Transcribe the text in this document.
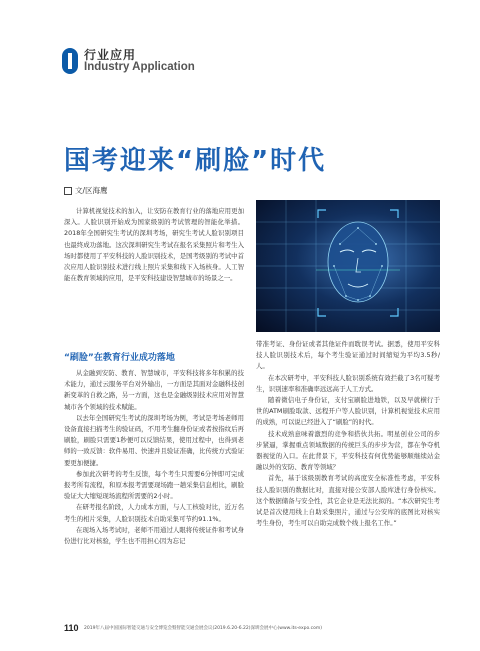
行业应用
Industry Application
国考迎来“刷脸”时代
文/区海鹰

计算机视觉技术的加入，让安防在教育行业的落地应用更加深入。人脸识别开始成为国家级别的考试管理的智能化举措。2018年全国研究生考试的深圳考场，研究生考试人脸识别项目也最终成功落地。这次深圳研究生考试在报名采集照片和考生入场时都使用了平安科技的人脸识别技术，是国考级别的考试中首次应用人脸识别技术进行线上照片采集和线下入场核身。人工智能在教育领域的应用，是平安科技建设智慧城市的场景之一。

“刷脸”在教育行业成功落地

从金融到安防、教育、智慧城市，平安科技将多年积累的技术能力，通过云服务平台对外输出，一方面是其面对金融科技创新变革的自救之路，另一方面，这也是金融级别技术应用对智慧城市各个领域的技术赋能。

以去年全国研究生考试的深圳考场为例，考试是考场老师用设备直接扫描考生的验证码，不用考生翻身份证或者按指纹后再刷脸，刷脸只需要1秒便可以反馈结果，使用过程中，也得到老师的一致反馈：软件易用、快速并且验证准确，比传统方式验证要更加便捷。

参加此次研考的考生反馈，每个考生只需要6分钟即可完成报考所有流程，和原本报考需要现场跑一趟采集信息相比，刷脸验证大大缩短现场流程所需要的2小时。

在研考报名阶段，人力成本方面，与人工核验对比，近万名考生的相片采集，人脸识别技术自助采集可节约91.1%。

在现场入场考试时，老师不用通过人眼将传统证件和考试身份进行比对核验，学生也不用担心因为忘记

带准考证、身份证或者其他证件而耽误考试。据悉，使用平安科技人脸识别技术后，每个考生验证通过时间缩短为平均3.5秒/人。

在本次研考中，平安科技人脸识别系统有效拦截了3名可疑考生，识别速率和准确率远远高于人工方式。

随着微信电子身份证，支付宝刷脸进地铁，以及早就横行于世的ATM刷脸取款、远程开户等人脸识别，计算机视觉技术应用的成熟，可以说已经进入了“刷脸”的时代。

技术成熟意味着激烈的竞争和搭伙共拓。明星创业公司的步步紧逼，掌握重点领域数据的传统巨头的步步为营，都在争夺机器视觉的入口。在此背景下，平安科技有何优势能够顺继续站金融以外的安防、教育等领域？

首先，基于该级别教育考试的高度安全标准性考虑，平安科技人脸识别的数据比对，直接对接公安部人脸库进行身份核实。这个数据储备与安全性，其它企业是无法比拟的。“本次研究生考试是首次使用线上自助采集照片，通过与公安库的底图比对核实考生身份，考生可以自助完成数个线上报名工作。”

110 2019年八届中国国际智能交通与安全博览会暨智能交通会展会议(2019.6.20-6.22)深圳会展中心(www.its-expo.com)
